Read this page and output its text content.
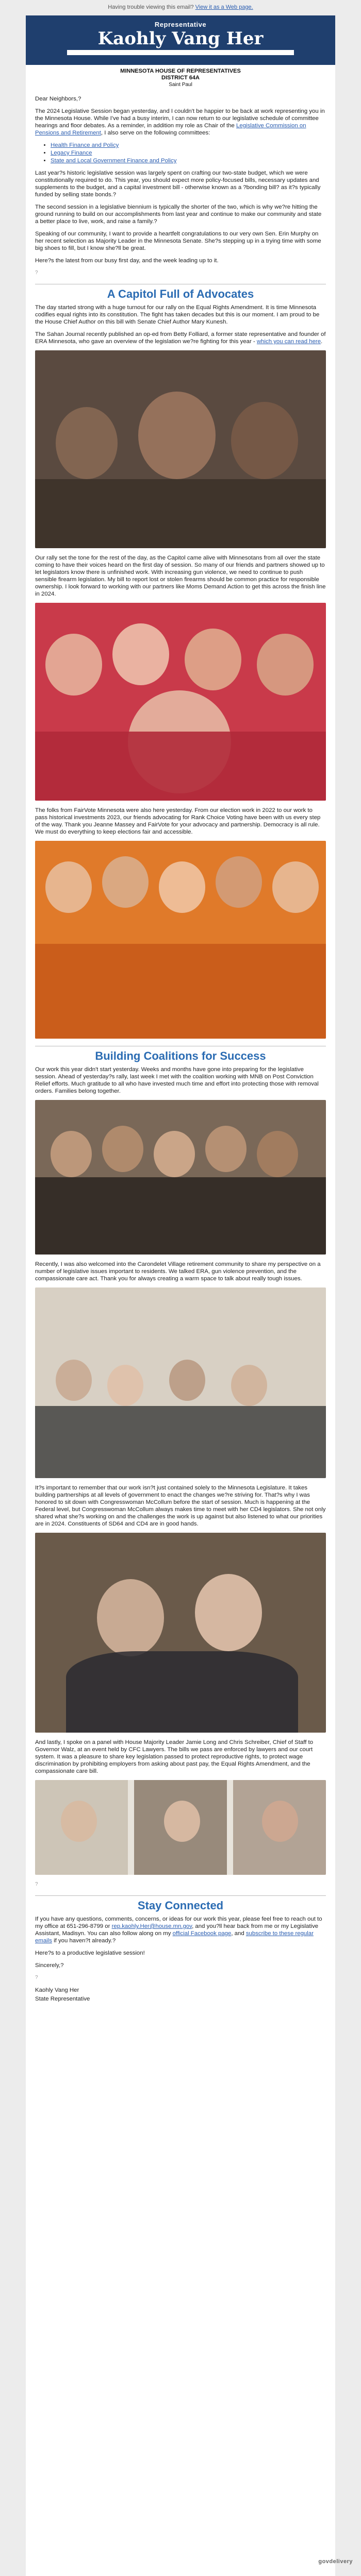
Having trouble viewing this email? View it as a Web page.
Representative
Kaohly Vang Her
MINNESOTA HOUSE OF REPRESENTATIVES
DISTRICT 64A
Saint Paul

Dear Neighbors,?

The 2024 Legislative Session began yesterday, and I couldn't be happier to be back at work representing you in the Minnesota House. While I've had a busy interim, I can now return to our legislative schedule of committee hearings and floor debates. As a reminder, in addition my role as Chair of the Legislative Commission on Pensions and Retirement, I also serve on the following committees:

• Health Finance and Policy
• Legacy Finance
• State and Local Government Finance and Policy

Last year?s historic legislative session was largely spent on crafting our two-state budget, which we were constitutionally required to do. This year, you should expect more policy-focused bills, necessary updates and supplements to the budget, and a capital investment bill - otherwise known as a ?bonding bill? as it?s typically funded by selling state bonds.?

The second session in a legislative biennium is typically the shorter of the two, which is why we?re hitting the ground running to build on our accomplishments from last year and continue to make our community and state a better place to live, work, and raise a family.?

Speaking of our community, I want to provide a heartfelt congratulations to our very own Sen. Erin Murphy on her recent selection as Majority Leader in the Minnesota Senate. She?s stepping up in a trying time with some big shoes to fill, but I know she?ll be great.

Here?s the latest from our busy first day, and the week leading up to it.

?

A Capitol Full of Advocates

The day started strong with a huge turnout for our rally on the Equal Rights Amendment. It is time Minnesota codifies equal rights into its constitution. The fight has taken decades but this is our moment. I am proud to be the House Chief Author on this bill with Senate Chief Author Mary Kunesh.

The Sahan Journal recently published an op-ed from Betty Folliard, a former state representative and founder of ERA Minnesota, who gave an overview of the legislation we?re fighting for this year - which you can read here.

Our rally set the tone for the rest of the day, as the Capitol came alive with Minnesotans from all over the state coming to have their voices heard on the first day of session. So many of our friends and partners showed up to let legislators know there is unfinished work. With increasing gun violence, we need to continue to push sensible firearm legislation. My bill to report lost or stolen firearms should be common practice for responsible ownership. I look forward to working with our partners like Moms Demand Action to get this across the finish line in 2024.

The folks from FairVote Minnesota were also here yesterday. From our election work in 2022 to our work to pass historical investments 2023, our friends advocating for Rank Choice Voting have been with us every step of the way. Thank you Jeanne Massey and FairVote for your advocacy and partnership. Democracy is all rule. We must do everything to keep elections fair and accessible.

Building Coalitions for Success

Our work this year didn't start yesterday. Weeks and months have gone into preparing for the legislative session. Ahead of yesterday?s rally, last week I met with the coalition working with MNB on Post Conviction Relief efforts. Much gratitude to all who have invested much time and effort into protecting those with removal orders. Families belong together.

Recently, I was also welcomed into the Carondelet Village retirement community to share my perspective on a number of legislative issues important to residents. We talked ERA, gun violence prevention, and the compassionate care act. Thank you for always creating a warm space to talk about really tough issues.

It?s important to remember that our work isn?t just contained solely to the Minnesota Legislature. It takes building partnerships at all levels of government to enact the changes we?re striving for. That?s why I was honored to sit down with Congresswoman McCollum before the start of session. Much is happening at the Federal level, but Congresswoman McCollum always makes time to meet with her CD4 legislators. She not only shared what she?s working on and the challenges the work is up against but also listened to what our priorities are in 2024. Constituents of SD64 and CD4 are in good hands.

And lastly, I spoke on a panel with House Majority Leader Jamie Long and Chris Schreiber, Chief of Staff to Governor Walz, at an event held by CFC Lawyers. The bills we pass are enforced by lawyers and our court system. It was a pleasure to share key legislation passed to protect reproductive rights, to protect wage discrimination by prohibiting employers from asking about past pay, the Equal Rights Amendment, and the compassionate care bill.

?

Stay Connected

If you have any questions, comments, concerns, or ideas for our work this year, please feel free to reach out to my office at 651-296-8799 or rep.kaohly.Her@house.mn.gov, and you?ll hear back from me or my Legislative Assistant, Madisyn. You can also follow along on my official Facebook page, and subscribe to these regular emails if you haven?t already.?

Here?s to a productive legislative session!

Sincerely,?

?

Kaohly Vang Her

State Representative

govdelivery
